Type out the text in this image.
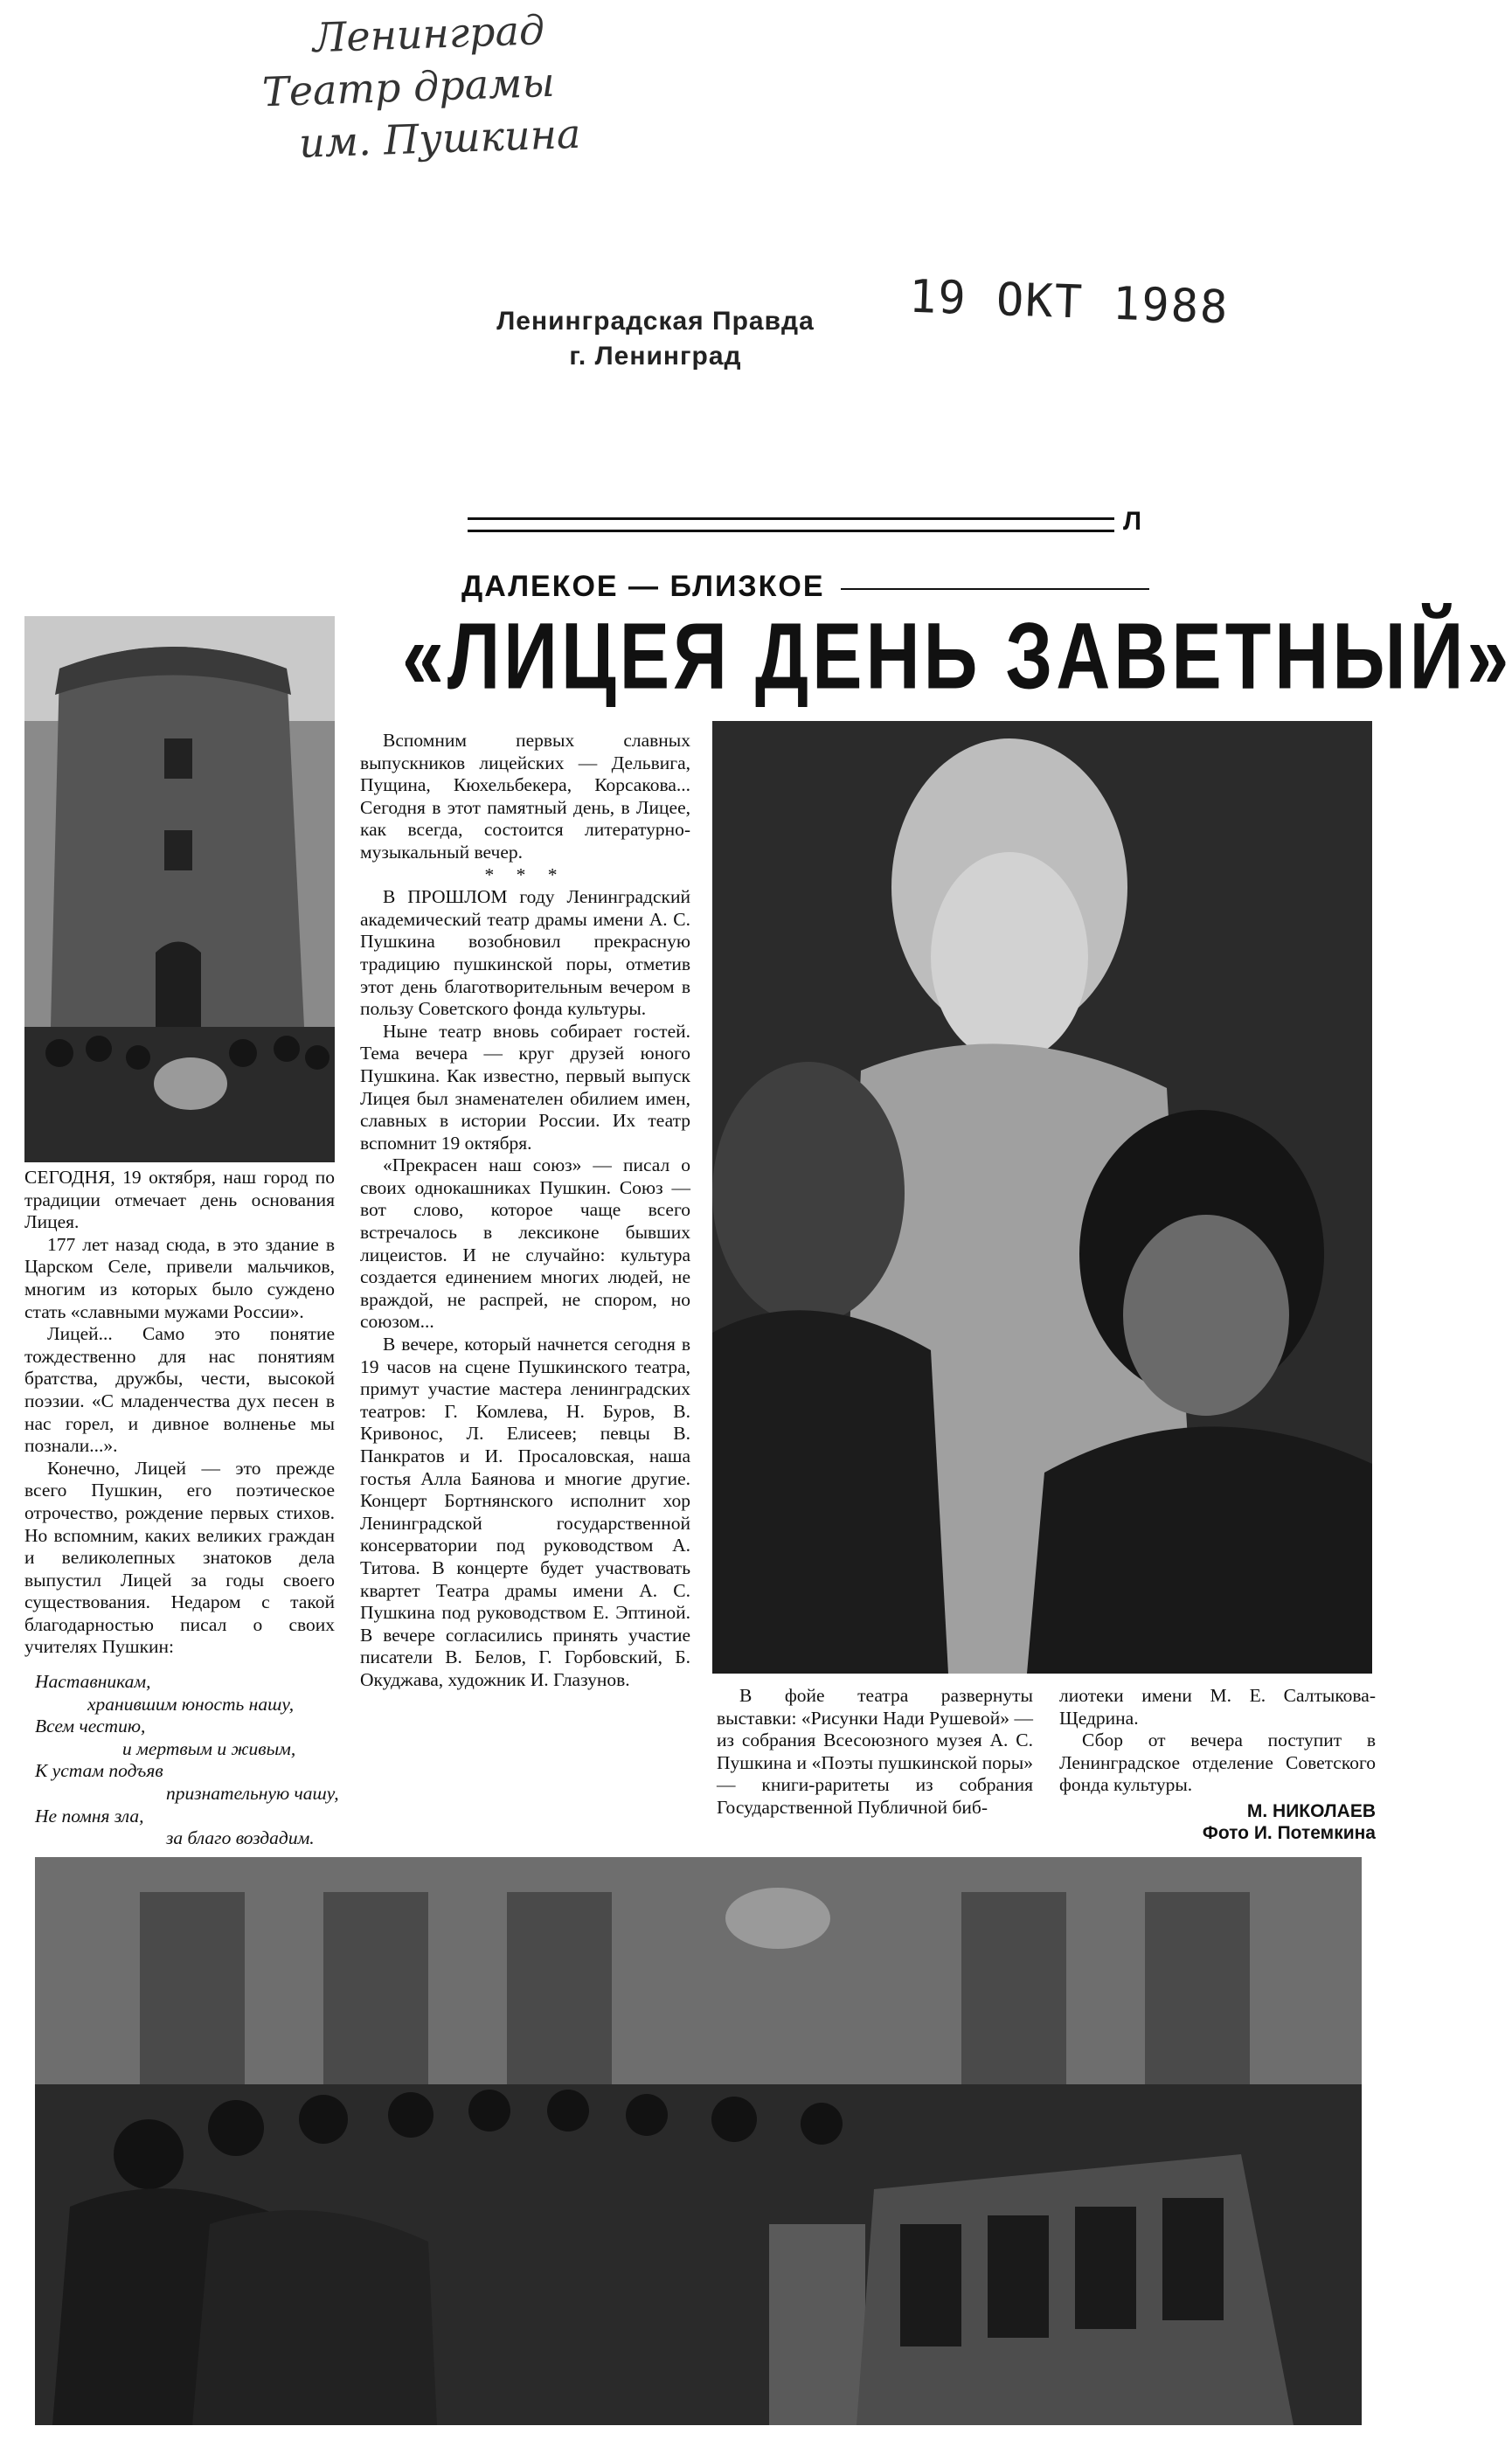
Ленинград
Театр драмы
им. Пушкина
Ленинградская Правда
г. Ленинград
19 ОКТ 1988
Л
ДАЛЕКОЕ — БЛИЗКОЕ
«ЛИЦЕЯ ДЕНЬ ЗАВЕТНЫЙ»

СЕГОДНЯ, 19 октября, наш город по традиции отмечает день основания Лицея.

177 лет назад сюда, в это здание в Царском Селе, привели мальчиков, многим из которых было суждено стать «славными мужами России».

Лицей... Само это понятие тождественно для нас понятиям братства, дружбы, чести, высокой поэзии. «С младенчества дух песен в нас горел, и дивное волненье мы познали...».

Конечно, Лицей — это прежде всего Пушкин, его поэтическое отрочество, рождение первых стихов. Но вспомним, каких великих граждан и великолепных знатоков дела выпустил Лицей за годы своего существования. Недаром с такой благодарностью писал о своих учителях Пушкин:

Наставникам,
хранившим юность нашу,
Всем честию,
и мертвым и живым,
К устам подъяв
признательную чашу,
Не помня зла,
за благо воздадим.

Вспомним первых славных выпускников лицейских — Дельвига, Пущина, Кюхельбекера, Корсакова... Сегодня в этот памятный день, в Лицее, как всегда, состоится литературно-музыкальный вечер.

* * *

В ПРОШЛОМ году Ленинградский академический театр драмы имени А. С. Пушкина возобновил прекрасную традицию пушкинской поры, отметив этот день благотворительным вечером в пользу Советского фонда культуры.

Ныне театр вновь собирает гостей. Тема вечера — круг друзей юного Пушкина. Как известно, первый выпуск Лицея был знаменателен обилием имен, славных в истории России. Их театр вспомнит 19 октября.

«Прекрасен наш союз» — писал о своих однокашниках Пушкин. Союз — вот слово, которое чаще всего встречалось в лексиконе бывших лицеистов. И не случайно: культура создается единением многих людей, не враждой, не распрей, не спором, но союзом...

В вечере, который начнется сегодня в 19 часов на сцене Пушкинского театра, примут участие мастера ленинградских театров: Г. Комлева, Н. Буров, В. Кривонос, Л. Елисеев; певцы В. Панкратов и И. Просаловская, наша гостья Алла Баянова и многие другие. Концерт Бортнянского исполнит хор Ленинградской государственной консерватории под руководством А. Титова. В концерте будет участвовать квартет Театра драмы имени А. С. Пушкина под руководством Е. Эптиной. В вечере согласились принять участие писатели В. Белов, Г. Горбовский, Б. Окуджава, художник И. Глазунов.

В фойе театра развернуты выставки: «Рисунки Нади Рушевой» — из собрания Всесоюзного музея А. С. Пушкина и «Поэты пушкинской поры» — книги-раритеты из собрания Государственной Публичной биб-

лиотеки имени М. Е. Салтыкова-Щедрина.

Сбор от вечера поступит в Ленинградское отделение Советского фонда культуры.

М. НИКОЛАЕВ
Фото И. Потемкина
